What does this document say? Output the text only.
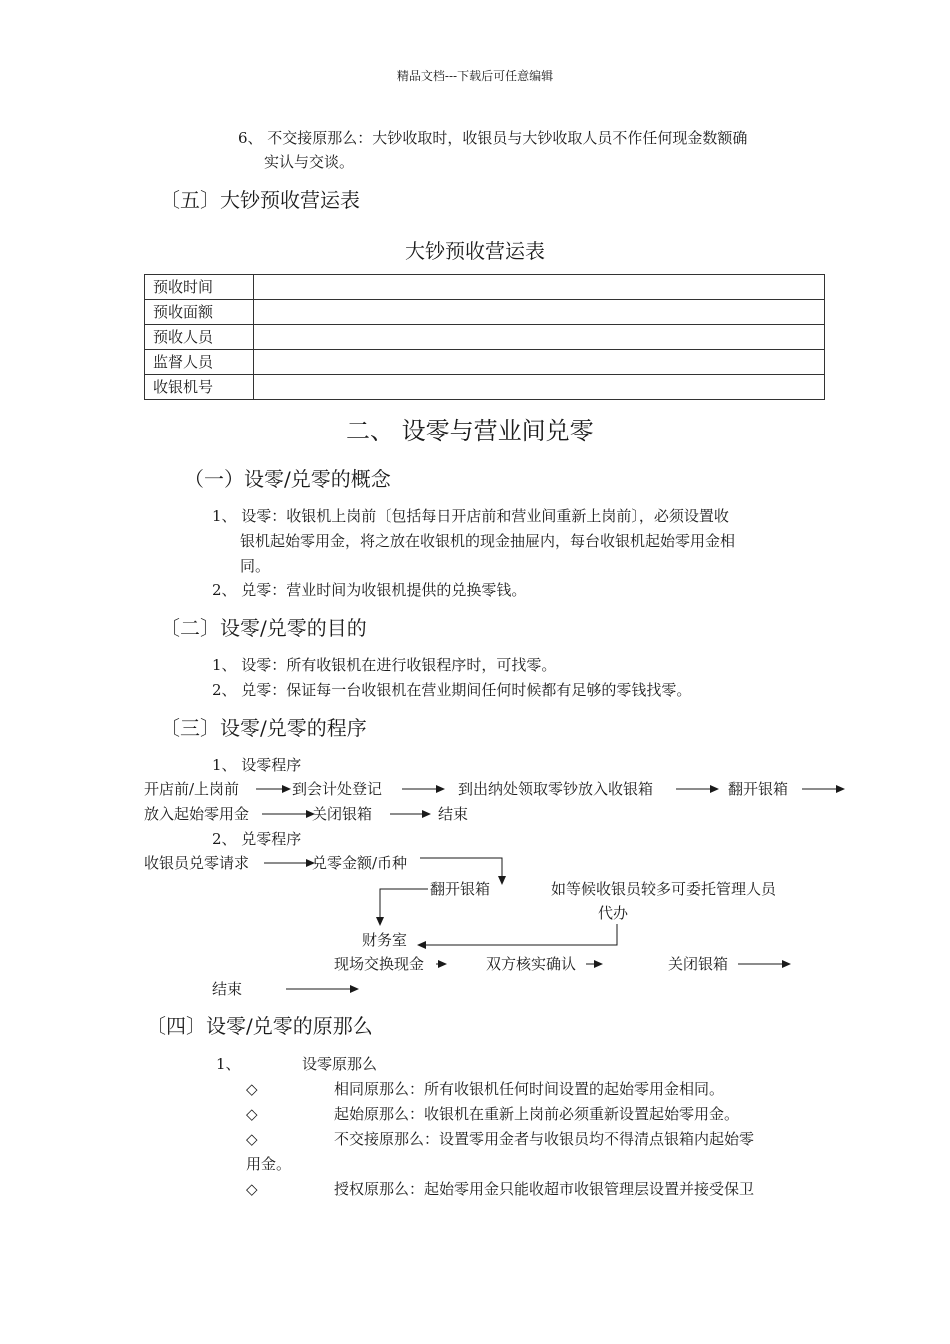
精品文档---下载后可任意编辑
6、 不交接原那么：大钞收取时，收银员与大钞收取人员不作任何现金数额确
实认与交谈。
〔五〕大钞预收营运表
大钞预收营运表
预收时间	
预收面额	
预收人员	
监督人员	
收银机号	
二、 设零与营业间兑零
（一）设零/兑零的概念
1、 设零：收银机上岗前〔包括每日开店前和营业间重新上岗前〕，必须设置收
银机起始零用金，将之放在收银机的现金抽屉内，每台收银机起始零用金相
同。
2、 兑零：营业时间为收银机提供的兑换零钱。
〔二〕设零/兑零的目的
1、 设零：所有收银机在进行收银程序时，可找零。
2、 兑零：保证每一台收银机在营业期间任何时候都有足够的零钱找零。
〔三〕设零/兑零的程序
1、 设零程序
开店前/上岗前	到会计处登记	到出纳处领取零钞放入收银箱	翻开银箱
放入起始零用金	关闭银箱	结束
2、 兑零程序
收银员兑零请求	兑零金额/币种
翻开银箱	如等候收银员较多可委托管理人员
代办
财务室
现场交换现金	双方核实确认	关闭银箱
结束
〔四〕设零/兑零的原那么
1、	设零原那么
◇	相同原那么：所有收银机任何时间设置的起始零用金相同。
◇	起始原那么：收银机在重新上岗前必须重新设置起始零用金。
◇	不交接原那么：设置零用金者与收银员均不得清点银箱内起始零
用金。
◇	授权原那么：起始零用金只能收超市收银管理层设置并接受保卫
